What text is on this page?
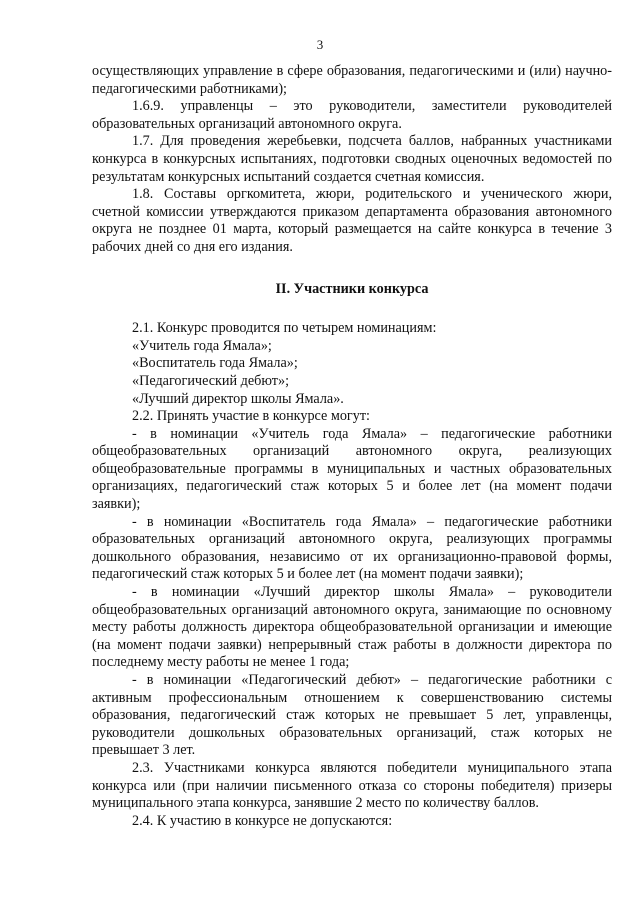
3

осуществляющих управление в сфере образования, педагогическими и (или) научно-педагогическими работниками);

1.6.9. управленцы – это руководители, заместители руководителей образовательных организаций автономного округа.

1.7. Для проведения жеребьевки, подсчета баллов, набранных участниками конкурса в конкурсных испытаниях, подготовки сводных оценочных ведомостей по результатам конкурсных испытаний создается счетная комиссия.

1.8. Составы оргкомитета, жюри, родительского и ученического жюри, счетной комиссии утверждаются приказом департамента образования автономного округа не позднее 01 марта, который размещается на сайте конкурса в течение 3 рабочих дней со дня его издания.

II. Участники конкурса

2.1. Конкурс проводится по четырем номинациям:

«Учитель года Ямала»;

«Воспитатель года Ямала»;

«Педагогический дебют»;

«Лучший директор школы Ямала».

2.2. Принять участие в конкурсе могут:

- в номинации «Учитель года Ямала» – педагогические работники общеобразовательных организаций автономного округа, реализующих общеобразовательные программы в муниципальных и частных образовательных организациях, педагогический стаж которых 5 и более лет (на момент подачи заявки);

- в номинации «Воспитатель года Ямала» – педагогические работники образовательных организаций автономного округа, реализующих программы дошкольного образования, независимо от их организационно-правовой формы, педагогический стаж которых 5 и более лет (на момент подачи заявки);

- в номинации «Лучший директор школы Ямала» – руководители общеобразовательных организаций автономного округа, занимающие по основному месту работы должность директора общеобразовательной организации и имеющие (на момент подачи заявки) непрерывный стаж работы в должности директора по последнему месту работы не менее 1 года;

- в номинации «Педагогический дебют» – педагогические работники с активным профессиональным отношением к совершенствованию системы образования, педагогический стаж которых не превышает 5 лет, управленцы, руководители дошкольных образовательных организаций, стаж которых не превышает 3 лет.

2.3. Участниками конкурса являются победители муниципального этапа конкурса или (при наличии письменного отказа со стороны победителя) призеры муниципального этапа конкурса, занявшие 2 место по количеству баллов.

2.4. К участию в конкурсе не допускаются:
